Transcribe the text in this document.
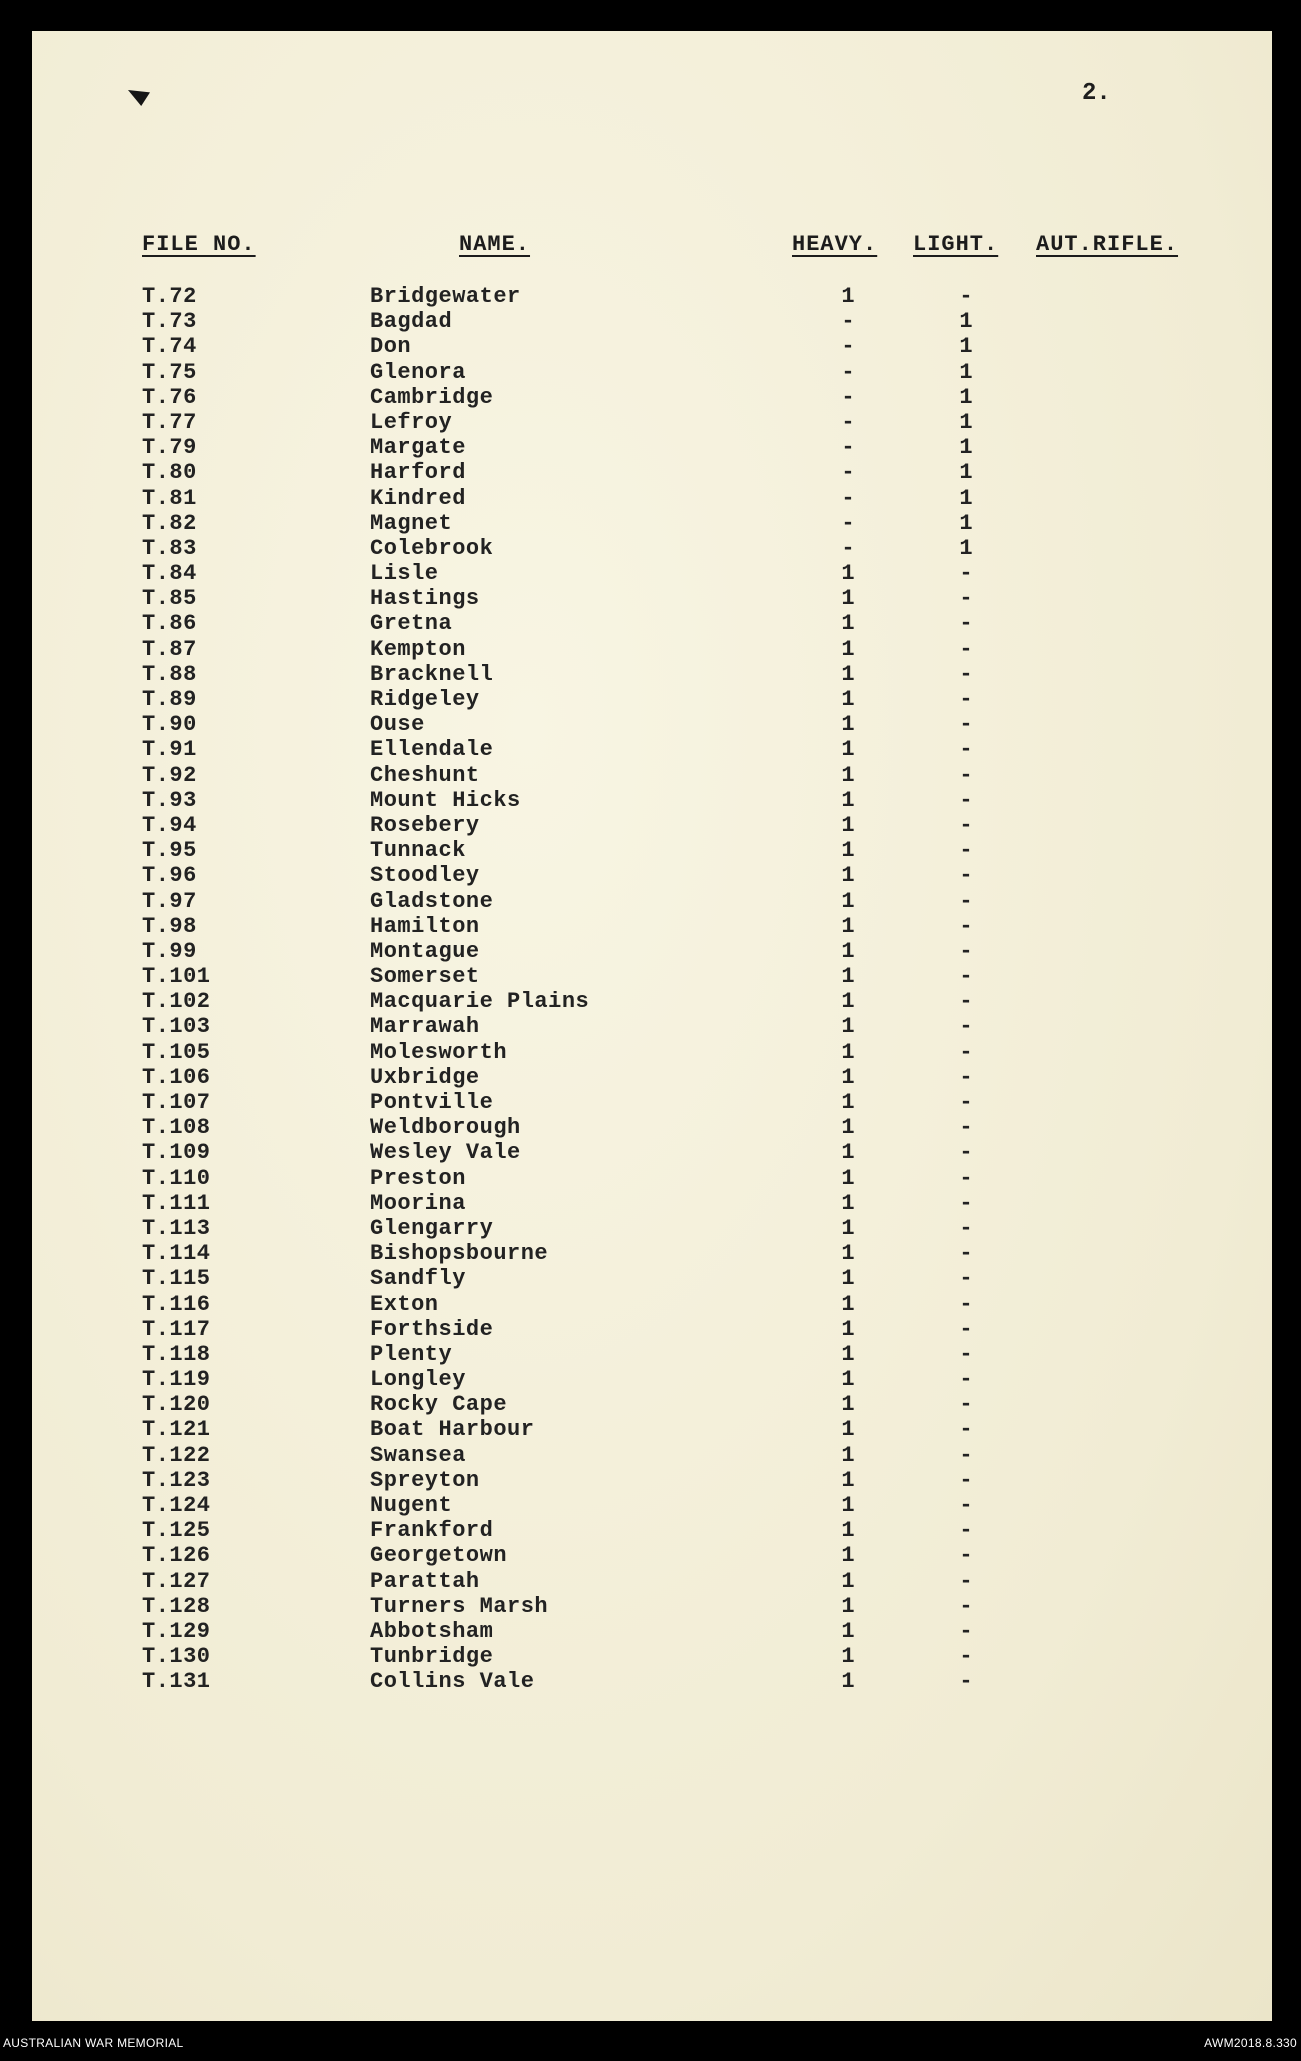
2.
FILE NO.	NAME.	HEAVY. LIGHT. AUT.RIFLE.
T.72	Bridgewater	1	-
T.73	Bagdad	-	1
T.74	Don	-	1
T.75	Glenora	-	1
T.76	Cambridge	-	1
T.77	Lefroy	-	1
T.79	Margate	-	1
T.80	Harford	-	1
T.81	Kindred	-	1
T.82	Magnet	-	1
T.83	Colebrook	-	1
T.84	Lisle	1	-
T.85	Hastings	1	-
T.86	Gretna	1	-
T.87	Kempton	1	-
T.88	Bracknell	1	-
T.89	Ridgeley	1	-
T.90	Ouse	1	-
T.91	Ellendale	1	-
T.92	Cheshunt	1	-
T.93	Mount Hicks	1	-
T.94	Rosebery	1	-
T.95	Tunnack	1	-
T.96	Stoodley	1	-
T.97	Gladstone	1	-
T.98	Hamilton	1	-
T.99	Montague	1	-
T.101	Somerset	1	-
T.102	Macquarie Plains	1	-
T.103	Marrawah	1	-
T.105	Molesworth	1	-
T.106	Uxbridge	1	-
T.107	Pontville	1	-
T.108	Weldborough	1	-
T.109	Wesley Vale	1	-
T.110	Preston	1	-
T.111	Moorina	1	-
T.113	Glengarry	1	-
T.114	Bishopsbourne	1	-
T.115	Sandfly	1	-
T.116	Exton	1	-
T.117	Forthside	1	-
T.118	Plenty	1	-
T.119	Longley	1	-
T.120	Rocky Cape	1	-
T.121	Boat Harbour	1	-
T.122	Swansea	1	-
T.123	Spreyton	1	-
T.124	Nugent	1	-
T.125	Frankford	1	-
T.126	Georgetown	1	-
T.127	Parattah	1	-
T.128	Turners Marsh	1	-
T.129	Abbotsham	1	-
T.130	Tunbridge	1	-
T.131	Collins Vale	1	-
AUSTRALIAN WAR MEMORIAL	AWM2018.8.330
